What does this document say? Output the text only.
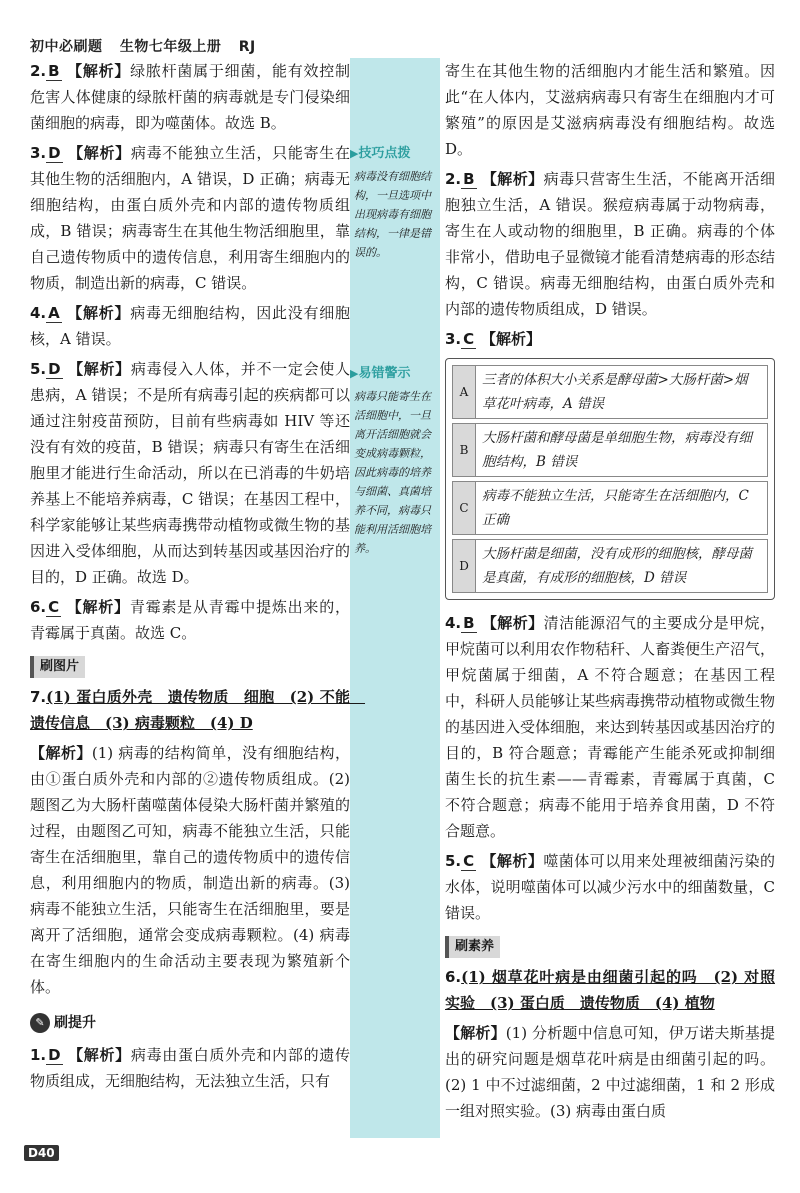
初中必刷题 生物七年级上册 RJ
▶技巧点拨
病毒没有细胞结构，一旦选项中出现病毒有细胞结构，一律是错误的。
▶易错警示
病毒只能寄生在活细胞中，一旦离开活细胞就会变成病毒颗粒，因此病毒的培养与细菌、真菌培养不同，病毒只能利用活细胞培养。

2. B 【解析】绿脓杆菌属于细菌，能有效控制危害人体健康的绿脓杆菌的病毒就是专门侵染细菌细胞的病毒，即为噬菌体。故选 B。

3. D 【解析】病毒不能独立生活，只能寄生在其他生物的活细胞内，A 错误，D 正确；病毒无细胞结构，由蛋白质外壳和内部的遗传物质组成，B 错误；病毒寄生在其他生物活细胞里，靠自己遗传物质中的遗传信息，利用寄生细胞内的物质，制造出新的病毒，C 错误。

4. A 【解析】病毒无细胞结构，因此没有细胞核，A 错误。

5. D 【解析】病毒侵入人体，并不一定会使人患病，A 错误；不是所有病毒引起的疾病都可以通过注射疫苗预防，目前有些病毒如 HIV 等还没有有效的疫苗，B 错误；病毒只有寄生在活细胞里才能进行生命活动，所以在已消毒的牛奶培养基上不能培养病毒，C 错误；在基因工程中，科学家能够让某些病毒携带动植物或微生物的基因进入受体细胞，从而达到转基因或基因治疗的目的，D 正确。故选 D。

6. C 【解析】青霉素是从青霉中提炼出来的，青霉属于真菌。故选 C。

刷图片

7.(1) 蛋白质外壳　遗传物质　细胞　(2) 不能　遗传信息　(3) 病毒颗粒　(4) D

【解析】(1) 病毒的结构简单，没有细胞结构，由①蛋白质外壳和内部的②遗传物质组成。(2) 题图乙为大肠杆菌噬菌体侵染大肠杆菌并繁殖的过程，由题图乙可知，病毒不能独立生活，只能寄生在活细胞里，靠自己的遗传物质中的遗传信息，利用细胞内的物质，制造出新的病毒。(3) 病毒不能独立生活，只能寄生在活细胞里，要是离开了活细胞，通常会变成病毒颗粒。(4) 病毒在寄生细胞内的生命活动主要表现为繁殖新个体。

✎ 刷提升

1. D 【解析】病毒由蛋白质外壳和内部的遗传物质组成，无细胞结构，无法独立生活，只有

寄生在其他生物的活细胞内才能生活和繁殖。因此“在人体内，艾滋病病毒只有寄生在细胞内才可繁殖”的原因是艾滋病病毒没有细胞结构。故选 D。

2. B 【解析】病毒只营寄生生活，不能离开活细胞独立生活，A 错误。猴痘病毒属于动物病毒，寄生在人或动物的细胞里，B 正确。病毒的个体非常小，借助电子显微镜才能看清楚病毒的形态结构，C 错误。病毒无细胞结构，由蛋白质外壳和内部的遗传物质组成，D 错误。

3. C 【解析】

A
三者的体积大小关系是酵母菌>大肠杆菌>烟草花叶病毒，A 错误
B
大肠杆菌和酵母菌是单细胞生物，病毒没有细胞结构，B 错误
C
病毒不能独立生活，只能寄生在活细胞内，C 正确
D
大肠杆菌是细菌，没有成形的细胞核，酵母菌是真菌，有成形的细胞核，D 错误

4. B 【解析】清洁能源沼气的主要成分是甲烷，甲烷菌可以利用农作物秸秆、人畜粪便生产沼气，甲烷菌属于细菌，A 不符合题意；在基因工程中，科研人员能够让某些病毒携带动植物或微生物的基因进入受体细胞，来达到转基因或基因治疗的目的，B 符合题意；青霉能产生能杀死或抑制细菌生长的抗生素——青霉素，青霉属于真菌，C 不符合题意；病毒不能用于培养食用菌，D 不符合题意。

5. C 【解析】噬菌体可以用来处理被细菌污染的水体，说明噬菌体可以减少污水中的细菌数量，C 错误。

刷素养

6.(1) 烟草花叶病是由细菌引起的吗　(2) 对照实验　(3) 蛋白质　遗传物质　(4) 植物

【解析】(1) 分析题中信息可知，伊万诺夫斯基提出的研究问题是烟草花叶病是由细菌引起的吗。(2) 1 中不过滤细菌，2 中过滤细菌，1 和 2 形成一组对照实验。(3) 病毒由蛋白质

D40
